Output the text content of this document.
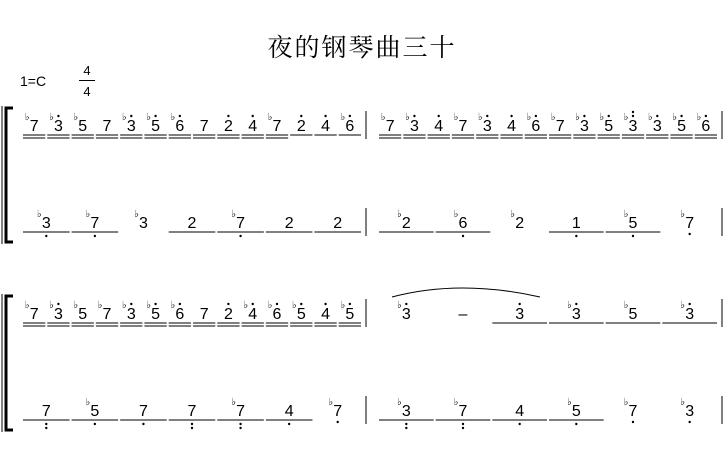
夜的钢琴曲三十
1=C
4
4
♭
7
♭
3
♭
5 7
♭
3
♭
5
♭
6 7 2 4
♭
7 2 4
♭
6
♭
7
♭
3 4
♭
7
♭
3 4
♭
6
♭
7
♭
3
♭
5
♭
3
♭
3
♭
5
♭
6
♭
3
♭
7
♭
3 2
♭
7 2 2
♭
2
♭
6
♭
2	1
♭
5
♭
7
♭
7
♭
3
♭
5
♭
7
♭
3
♭
5
♭
6 7 2
♭
4
♭
6
♭
5 4
♭
5
♭
3	–	3
♭
3
♭
5
♭
3
7
♭
5 7 7
♭
7 4
♭
7
♭
3
♭
7	4
♭
5
♭
7
♭
3
